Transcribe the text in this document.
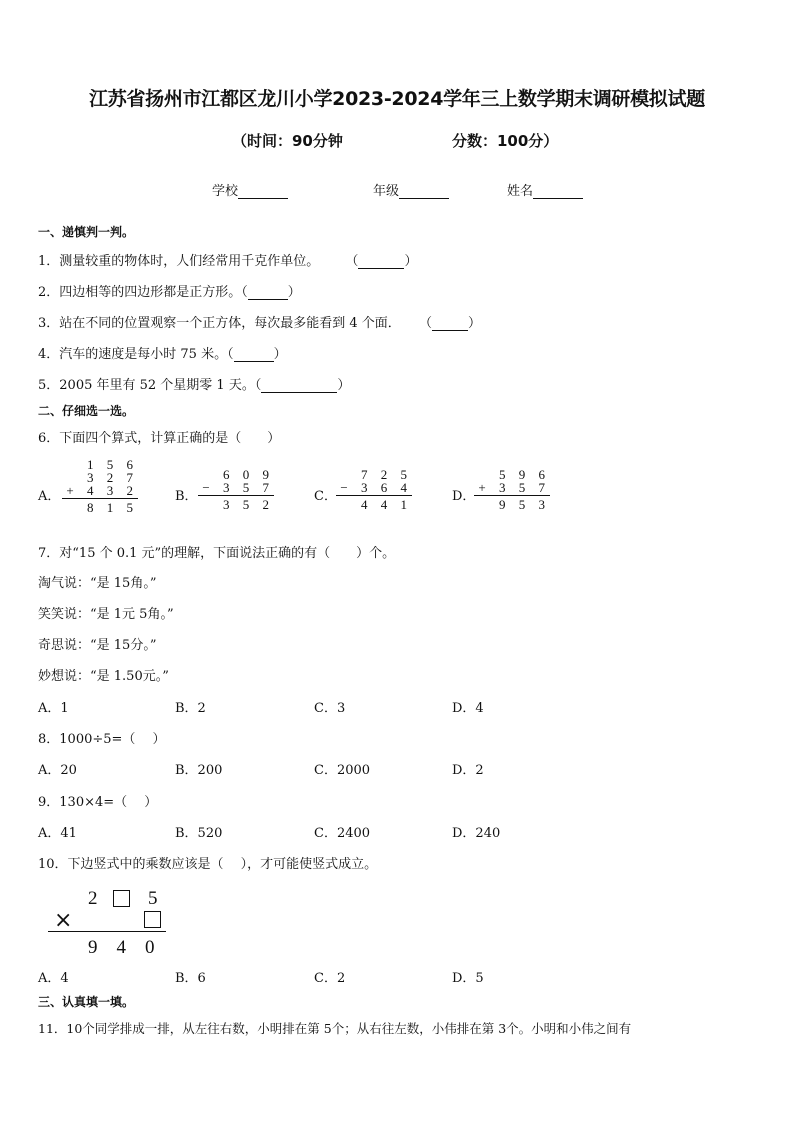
江苏省扬州市江都区龙川小学2023-2024学年三上数学期末调研模拟试题
（时间：90分钟	分数：100分）
学校	年级	姓名
一、递慎判一判。
1．测量较重的物体时，人们经常用千克作单位。 （	）
2．四边相等的四边形都是正方形。（	）
3．站在不同的位置观察一个正方体，每次最多能看到 4 个面． （	）
4．汽车的速度是每小时 75 米。（	）
5．2005 年里有 52 个星期零 1 天。（	）
二、仔细选一选。
6．下面四个算式，计算正确的是（　　）
A．
1 5 6
3 2 7
+ 4 3 2
8 1 5
B．
6 0 9
− 3 5 7
3 5 2
C．
7 2 5
− 3 6 4
4 4 1
D．
5 9 6
+ 3 5 7
9 5 3
7．对“15 个 0.1 元”的理解，下面说法正确的有（　　）个。
淘气说：“是 15角。”
笑笑说：“是 1元 5角。”
奇思说：“是 15分。”
妙想说：“是 1.50元。”
A．1	B．2	C．3	D．4
8．1000÷5=（　 ）
A．20	B．200	C．2000	D．2
9．130×4=（　 ）
A．41	B．520	C．2400	D．240
10．下边竖式中的乘数应该是（　 ），才可能使竖式成立。
2	5
×
9　4　0
A．4	B．6	C．2	D．5
三、认真填一填。
11．10个同学排成一排，从左往右数，小明排在第 5个；从右往左数，小伟排在第 3个。小明和小伟之间有
